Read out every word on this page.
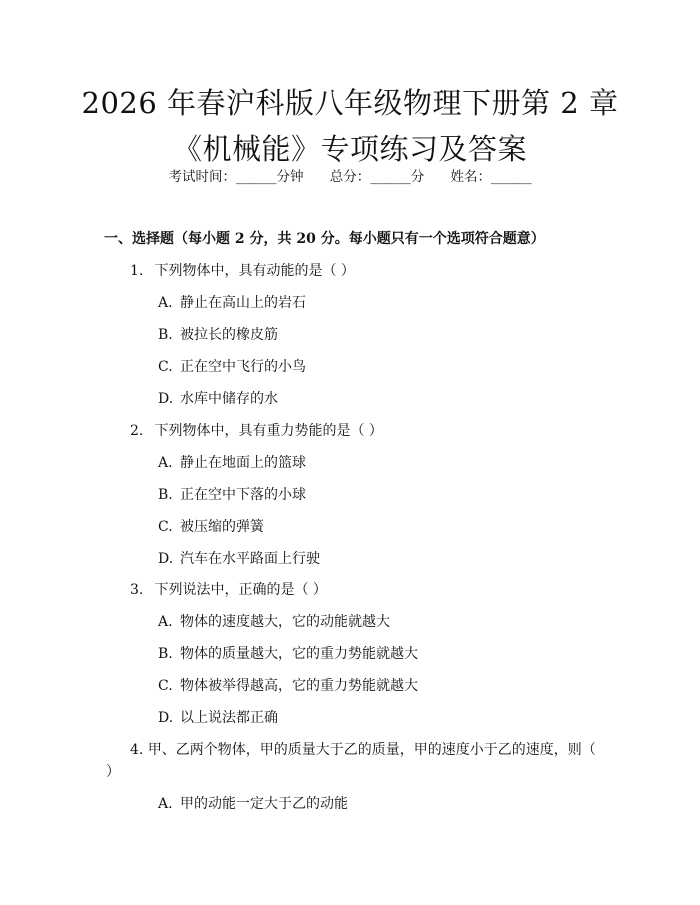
2026 年春沪科版八年级物理下册第 2 章《机械能》专项练习及答案
考试时间：______分钟 总分：______分 姓名：______
一、选择题（每小题 2 分，共 20 分。每小题只有一个选项符合题意）
1. 下列物体中，具有动能的是（ ）
A. 静止在高山上的岩石
B. 被拉长的橡皮筋
C. 正在空中飞行的小鸟
D. 水库中储存的水
2. 下列物体中，具有重力势能的是（ ）
A. 静止在地面上的篮球
B. 正在空中下落的小球
C. 被压缩的弹簧
D. 汽车在水平路面上行驶
3. 下列说法中，正确的是（ ）
A. 物体的速度越大，它的动能就越大
B. 物体的质量越大，它的重力势能就越大
C. 物体被举得越高，它的重力势能就越大
D. 以上说法都正确
4. 甲、乙两个物体，甲的质量大于乙的质量，甲的速度小于乙的速度，则（ ）
A. 甲的动能一定大于乙的动能
